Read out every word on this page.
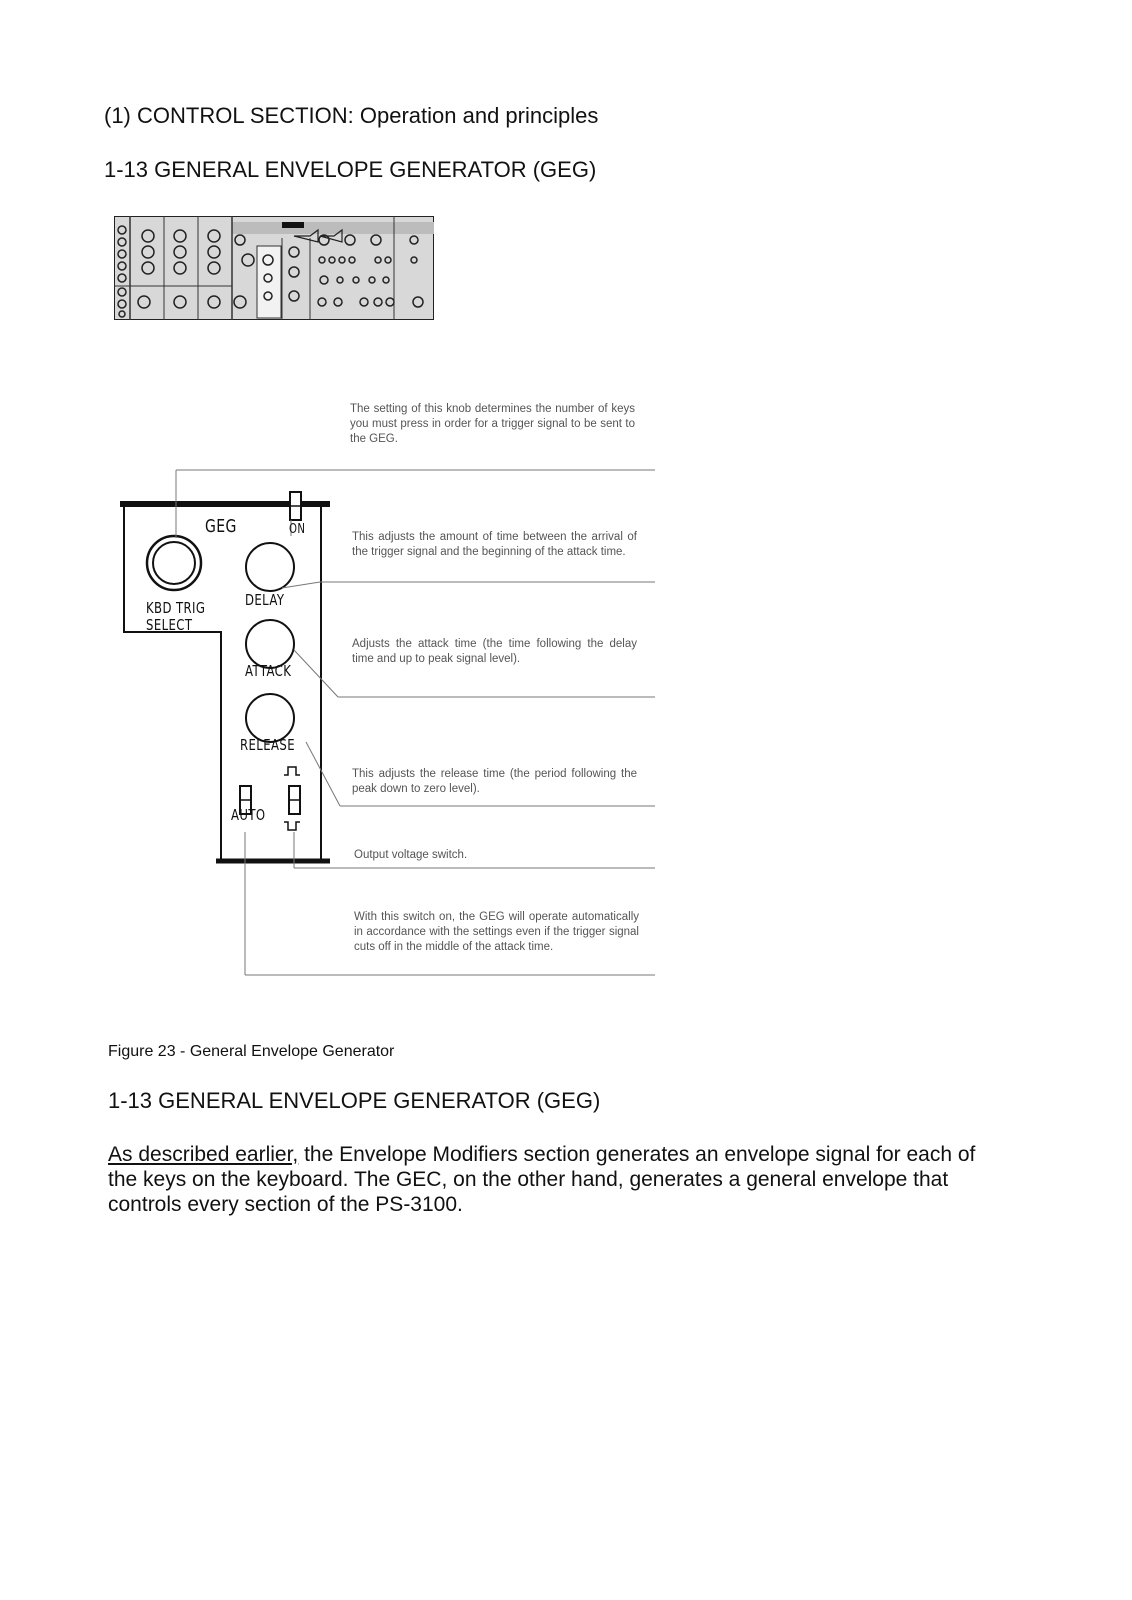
(1) CONTROL SECTION: Operation and principles
1-13 GENERAL ENVELOPE GENERATOR (GEG)
GEG	ON
KBD TRIG
SELECT
DELAY
ATTACK
RELEASE
AUTO
The setting of this knob determines the number of keys you must press in order for a trigger signal to be sent to the GEG.
This adjusts the amount of time between the arrival of the trigger signal and the beginning of the attack time.
Adjusts the attack time (the time following the delay time and up to peak signal level).
This adjusts the release time (the period following the peak down to zero level).
Output voltage switch.
With this switch on, the GEG will operate automatically in accordance with the settings even if the trigger signal cuts off in the middle of the attack time.
Figure 23 - General Envelope Generator
1-13 GENERAL ENVELOPE GENERATOR (GEG)
As described earlier, the Envelope Modifiers section generates an envelope signal for each of the keys on the keyboard. The GEC, on the other hand, generates a general envelope that controls every section of the PS-3100.
